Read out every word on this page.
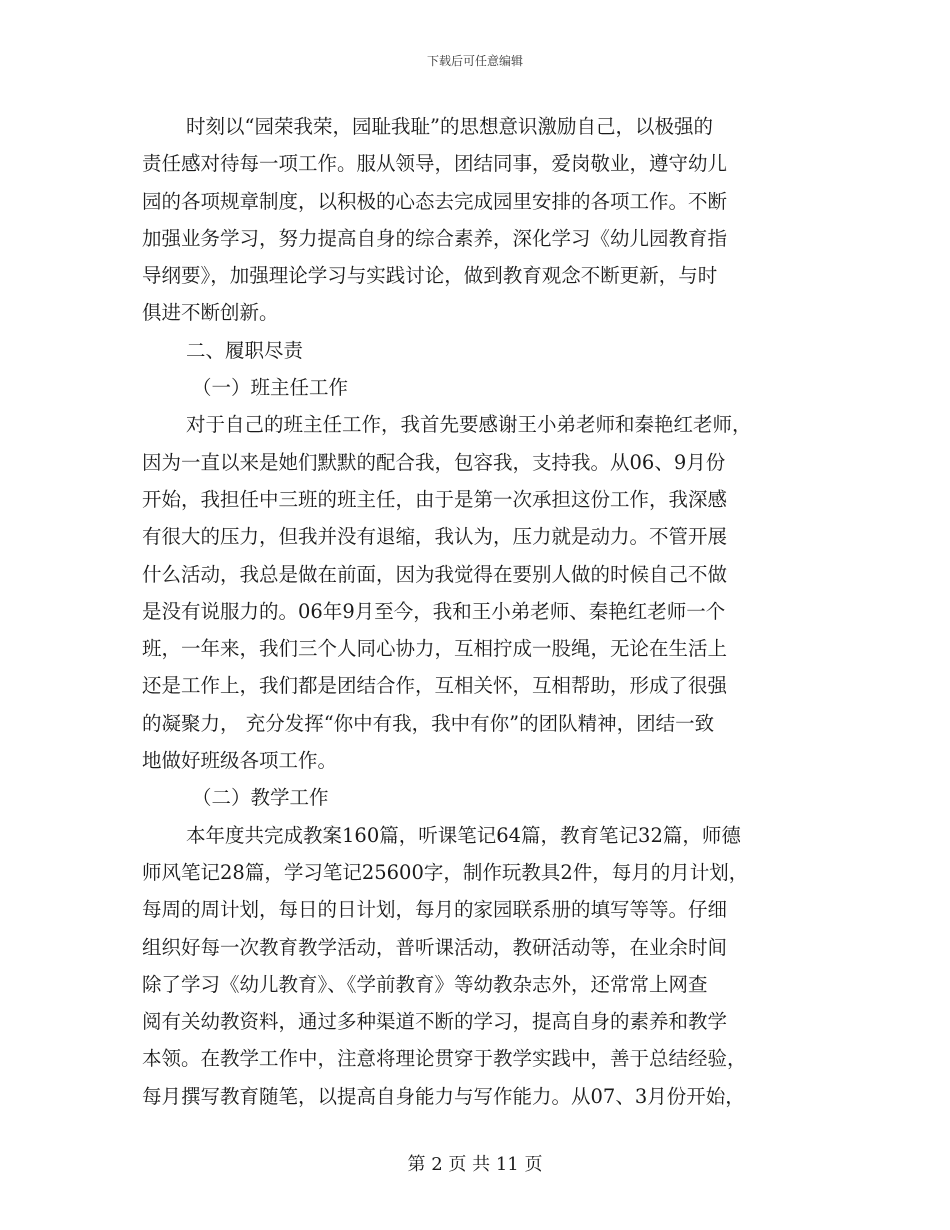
下载后可任意编辑
时刻以“园荣我荣，园耻我耻”的思想意识激励自己，以极强的
责任感对待每一项工作。服从领导，团结同事，爱岗敬业，遵守幼儿
园的各项规章制度，以积极的心态去完成园里安排的各项工作。不断
加强业务学习，努力提高自身的综合素养，深化学习《幼儿园教育指
导纲要》，加强理论学习与实践讨论，做到教育观念不断更新，与时
俱进不断创新。
二、履职尽责
（一）班主任工作
对于自己的班主任工作，我首先要感谢王小弟老师和秦艳红老师，
因为一直以来是她们默默的配合我，包容我，支持我。从06、9月份
开始，我担任中三班的班主任，由于是第一次承担这份工作，我深感
有很大的压力，但我并没有退缩，我认为，压力就是动力。不管开展
什么活动，我总是做在前面，因为我觉得在要别人做的时候自己不做
是没有说服力的。06年9月至今，我和王小弟老师、秦艳红老师一个
班，一年来，我们三个人同心协力，互相拧成一股绳，无论在生活上
还是工作上，我们都是团结合作，互相关怀，互相帮助，形成了很强
的凝聚力， 充分发挥“你中有我，我中有你”的团队精神，团结一致
地做好班级各项工作。
（二）教学工作
本年度共完成教案160篇，听课笔记64篇，教育笔记32篇，师德
师风笔记28篇，学习笔记25600字，制作玩教具2件，每月的月计划，
每周的周计划，每日的日计划，每月的家园联系册的填写等等。仔细
组织好每一次教育教学活动，普听课活动，教研活动等，在业余时间
除了学习《幼儿教育》、《学前教育》等幼教杂志外，还常常上网查
阅有关幼教资料，通过多种渠道不断的学习，提高自身的素养和教学
本领。在教学工作中，注意将理论贯穿于教学实践中，善于总结经验，
每月撰写教育随笔，以提高自身能力与写作能力。从07、3月份开始，
第 2 页 共 11 页
